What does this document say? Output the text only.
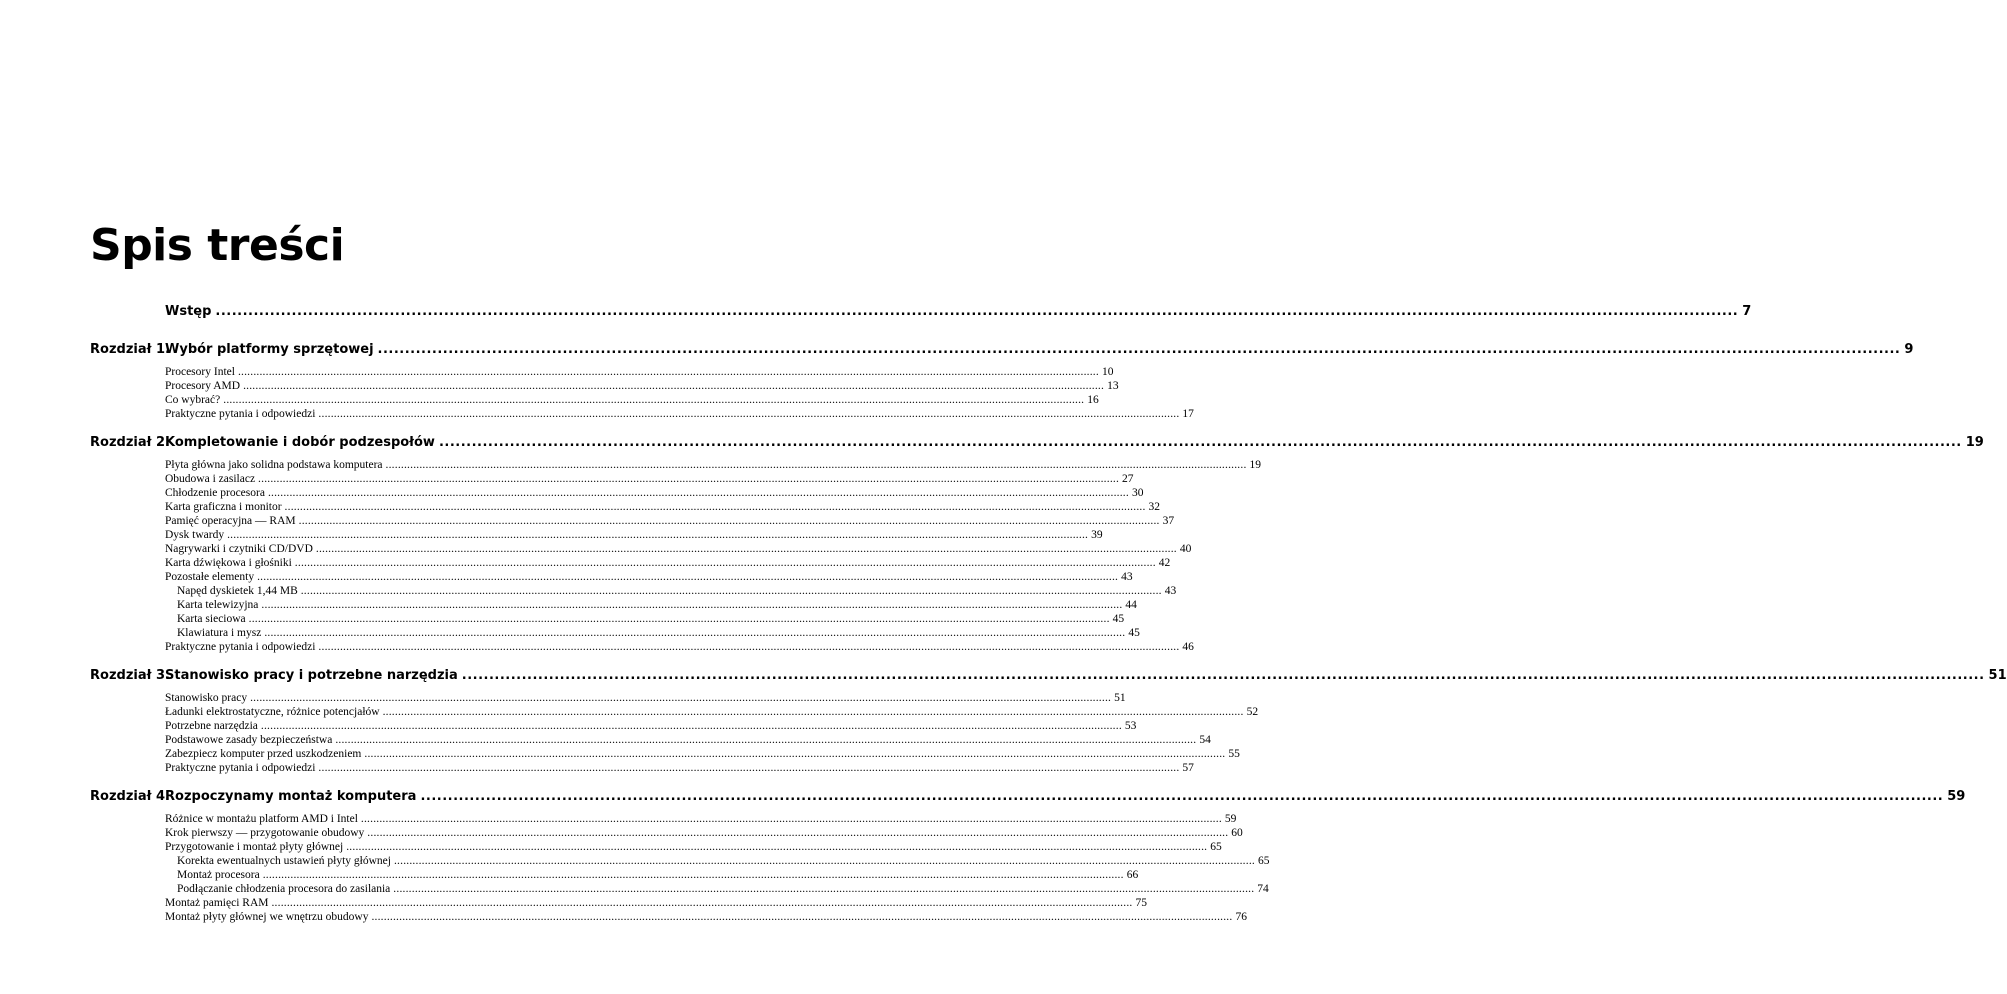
Spis treści
Wstęp ........................................................................................................................................................................................................................................................................................ 7
Rozdział 1.
Wybór platformy sprzętowej ........................................................................................................................................................................................................................................................................................ 9
Procesory Intel ........................................................................................................................................................................................................................................................................................ 10
Procesory AMD ........................................................................................................................................................................................................................................................................................ 13
Co wybrać? ........................................................................................................................................................................................................................................................................................ 16
Praktyczne pytania i odpowiedzi ........................................................................................................................................................................................................................................................................................ 17
Rozdział 2.
Kompletowanie i dobór podzespołów ........................................................................................................................................................................................................................................................................................ 19
Płyta główna jako solidna podstawa komputera ........................................................................................................................................................................................................................................................................................ 19
Obudowa i zasilacz ........................................................................................................................................................................................................................................................................................ 27
Chłodzenie procesora ........................................................................................................................................................................................................................................................................................ 30
Karta graficzna i monitor ........................................................................................................................................................................................................................................................................................ 32
Pamięć operacyjna — RAM ........................................................................................................................................................................................................................................................................................ 37
Dysk twardy ........................................................................................................................................................................................................................................................................................ 39
Nagrywarki i czytniki CD/DVD ........................................................................................................................................................................................................................................................................................ 40
Karta dźwiękowa i głośniki ........................................................................................................................................................................................................................................................................................ 42
Pozostałe elementy ........................................................................................................................................................................................................................................................................................ 43
Napęd dyskietek 1,44 MB ........................................................................................................................................................................................................................................................................................ 43
Karta telewizyjna ........................................................................................................................................................................................................................................................................................ 44
Karta sieciowa ........................................................................................................................................................................................................................................................................................ 45
Klawiatura i mysz ........................................................................................................................................................................................................................................................................................ 45
Praktyczne pytania i odpowiedzi ........................................................................................................................................................................................................................................................................................ 46
Rozdział 3.
Stanowisko pracy i potrzebne narzędzia ........................................................................................................................................................................................................................................................................................ 51
Stanowisko pracy ........................................................................................................................................................................................................................................................................................ 51
Ładunki elektrostatyczne, różnice potencjałów ........................................................................................................................................................................................................................................................................................ 52
Potrzebne narzędzia ........................................................................................................................................................................................................................................................................................ 53
Podstawowe zasady bezpieczeństwa ........................................................................................................................................................................................................................................................................................ 54
Zabezpiecz komputer przed uszkodzeniem ........................................................................................................................................................................................................................................................................................ 55
Praktyczne pytania i odpowiedzi ........................................................................................................................................................................................................................................................................................ 57
Rozdział 4.
Rozpoczynamy montaż komputera ........................................................................................................................................................................................................................................................................................ 59
Różnice w montażu platform AMD i Intel ........................................................................................................................................................................................................................................................................................ 59
Krok pierwszy — przygotowanie obudowy ........................................................................................................................................................................................................................................................................................ 60
Przygotowanie i montaż płyty głównej ........................................................................................................................................................................................................................................................................................ 65
Korekta ewentualnych ustawień płyty głównej ........................................................................................................................................................................................................................................................................................ 65
Montaż procesora ........................................................................................................................................................................................................................................................................................ 66
Podłączanie chłodzenia procesora do zasilania ........................................................................................................................................................................................................................................................................................ 74
Montaż pamięci RAM ........................................................................................................................................................................................................................................................................................ 75
Montaż płyty głównej we wnętrzu obudowy ........................................................................................................................................................................................................................................................................................ 76
